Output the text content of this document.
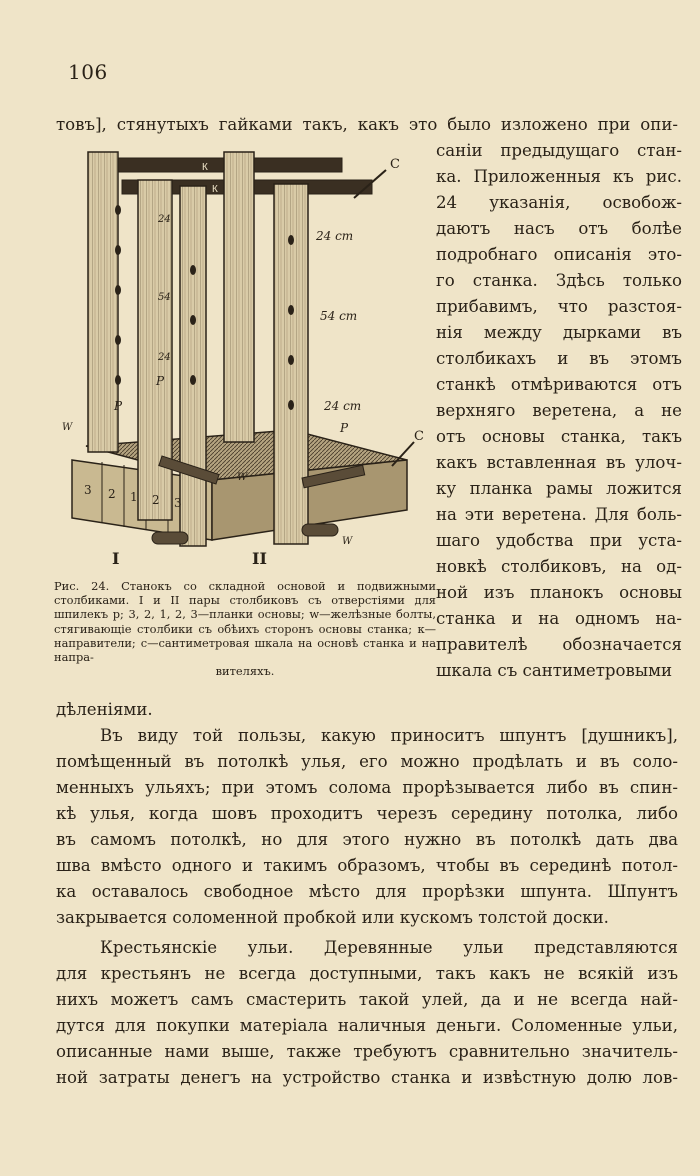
106
товъ], стянутыхъ гайками такъ, какъ это было изложено при опи-
саніи предыдущаго стан-
ка. Приложенныя къ рис.
24 указанія, освобож-
даютъ насъ отъ болѣе
подробнаго описанія это-
го станка. Здѣсь только
прибавимъ, что разстоя-
нія между дырками въ
столбикахъ и въ этомъ
станкѣ отмѣриваются отъ
верхняго веретена, а не
отъ основы станка, такъ
какъ вставленная въ улоч-
ку планка рамы ложится
на эти веретена. Для боль-
шаго удобства при уста-
новкѣ столбиковъ, на од-
ной изъ планокъ основы
станка и на одномъ на-
правителѣ обозначается
шкала съ сантиметровыми
К
К
С
С
24 ст
54 ст
24 ст
24
54
24
P
P
P
W
W
W
3 2 1 2 3
I	II
Рис. 24. Станокъ со складной основой и подвижными столбиками. I и II пары столбиковъ съ отверстіями для шпилекъ p; 3, 2, 1, 2, 3—планки основы; w—желѣзные болты, стягивающіе столбики съ обѣихъ сторонъ основы станка; к—направители; с—сантиметровая шкала на основѣ станка и на напра-
вителяхъ.
дѣленіями.
Въ виду той пользы, какую приноситъ шпунтъ [душникъ],
помѣщенный въ потолкѣ улья, его можно продѣлать и въ соло-
менныхъ ульяхъ; при этомъ солома прорѣзывается либо въ спин-
кѣ улья, когда шовъ проходитъ черезъ середину потолка, либо
въ самомъ потолкѣ, но для этого нужно въ потолкѣ дать два
шва вмѣсто одного и такимъ образомъ, чтобы въ серединѣ потол-
ка оставалось свободное мѣсто для прорѣзки шпунта. Шпунтъ
закрывается соломенной пробкой или кускомъ толстой доски.
Крестьянскіе ульи. Деревянные ульи представляются
для крестьянъ не всегда доступными, такъ какъ не всякій изъ
нихъ можетъ самъ смастерить такой улей, да и не всегда най-
дутся для покупки матеріала наличныя деньги. Соломенные ульи,
описанные нами выше, также требуютъ сравнительно значитель-
ной затраты денегъ на устройство станка и извѣстную долю лов-
